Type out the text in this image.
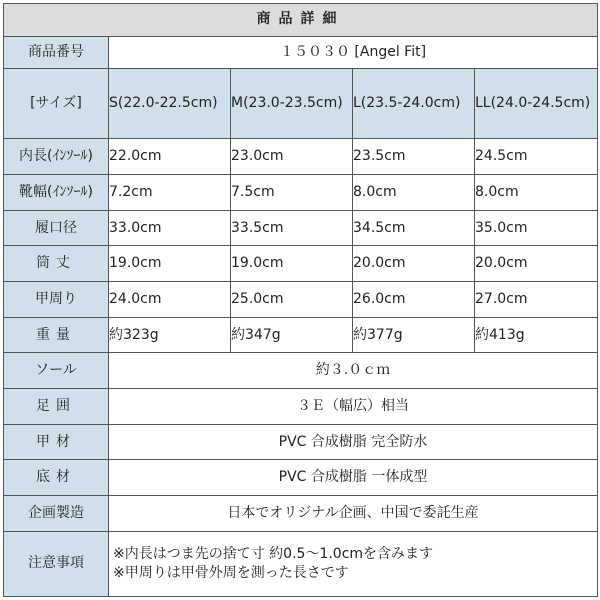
商品詳細				
商品番号	１５０３０ [Angel Fit]			
[サイズ]	S(22.0-22.5cm)	M(23.0-23.5cm)	L(23.5-24.0cm)	LL(24.0-24.5cm)
内長(ｲﾝｿｰﾙ)	22.0cm	23.0cm	23.5cm	24.5cm
靴幅(ｲﾝｿｰﾙ)	7.2cm	7.5cm	8.0cm	8.0cm
履口径	33.0cm	33.5cm	34.5cm	35.0cm
筒丈	19.0cm	19.0cm	20.0cm	20.0cm
甲周り	24.0cm	25.0cm	26.0cm	27.0cm
重量	約323g	約347g	約377g	約413g
ソール	約３.０ｃｍ			
足囲	３Ｅ（幅広）相当			
甲材	PVC 合成樹脂 完全防水			
底材	PVC 合成樹脂 一体成型			
企画製造	日本でオリジナル企画、中国で委託生産			
注意事項	※内長はつま先の捨て寸 約0.5～1.0cmを含みます
※甲周りは甲骨外周を測った長さです			
